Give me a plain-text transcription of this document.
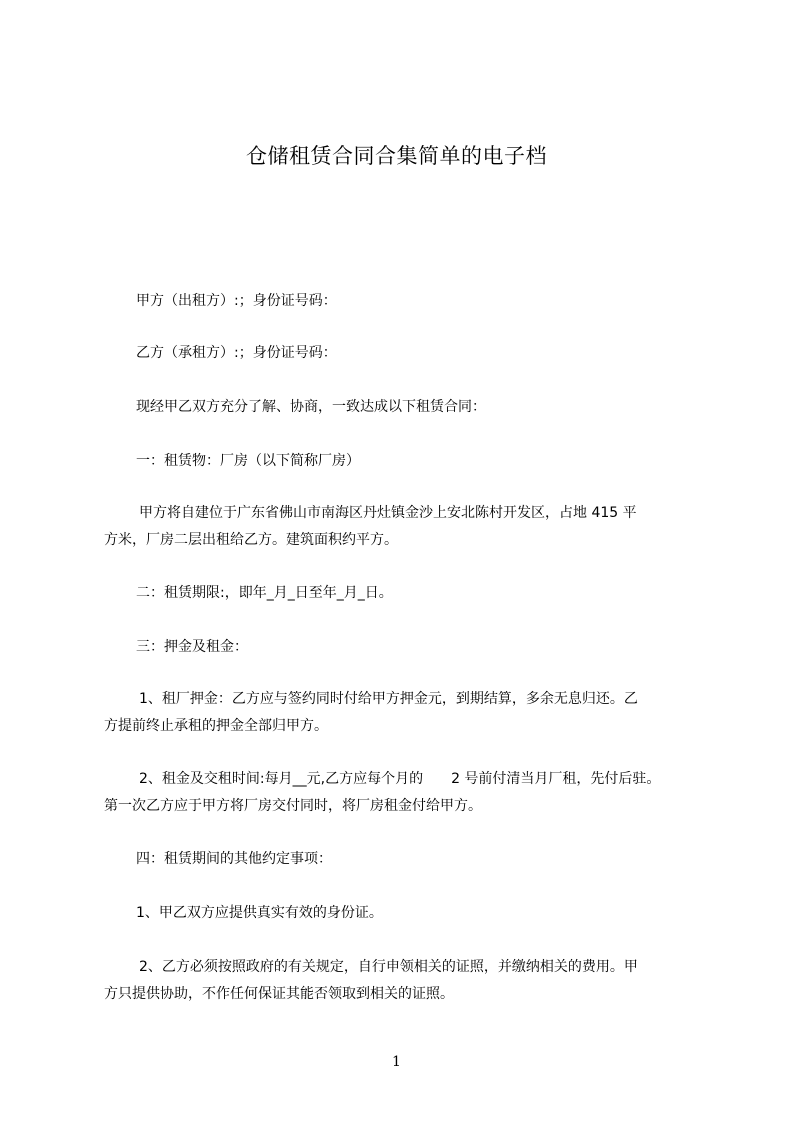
仓储租赁合同合集简单的电子档
甲方（出租方）:；身份证号码：
乙方（承租方）:；身份证号码：
现经甲乙双方充分了解、协商，一致达成以下租赁合同：
一：租赁物：厂房（以下简称厂房）
甲方将自建位于广东省佛山市南海区丹灶镇金沙上安北陈村开发区，占地 415 平
方米，厂房二层出租给乙方。建筑面积约平方。
二：租赁期限:，即年_月_日至年_月_日。
三：押金及租金：
1、租厂押金：乙方应与签约同时付给甲方押金元，到期结算，多余无息归还。乙
方提前终止承租的押金全部归甲方。
2、租金及交租时间:每月__元,乙方应每个月的　　2 号前付清当月厂租，先付后驻。
第一次乙方应于甲方将厂房交付同时，将厂房租金付给甲方。
四：租赁期间的其他约定事项：
1、甲乙双方应提供真实有效的身份证。
2、乙方必须按照政府的有关规定，自行申领相关的证照，并缴纳相关的费用。甲
方只提供协助，不作任何保证其能否领取到相关的证照。
1
